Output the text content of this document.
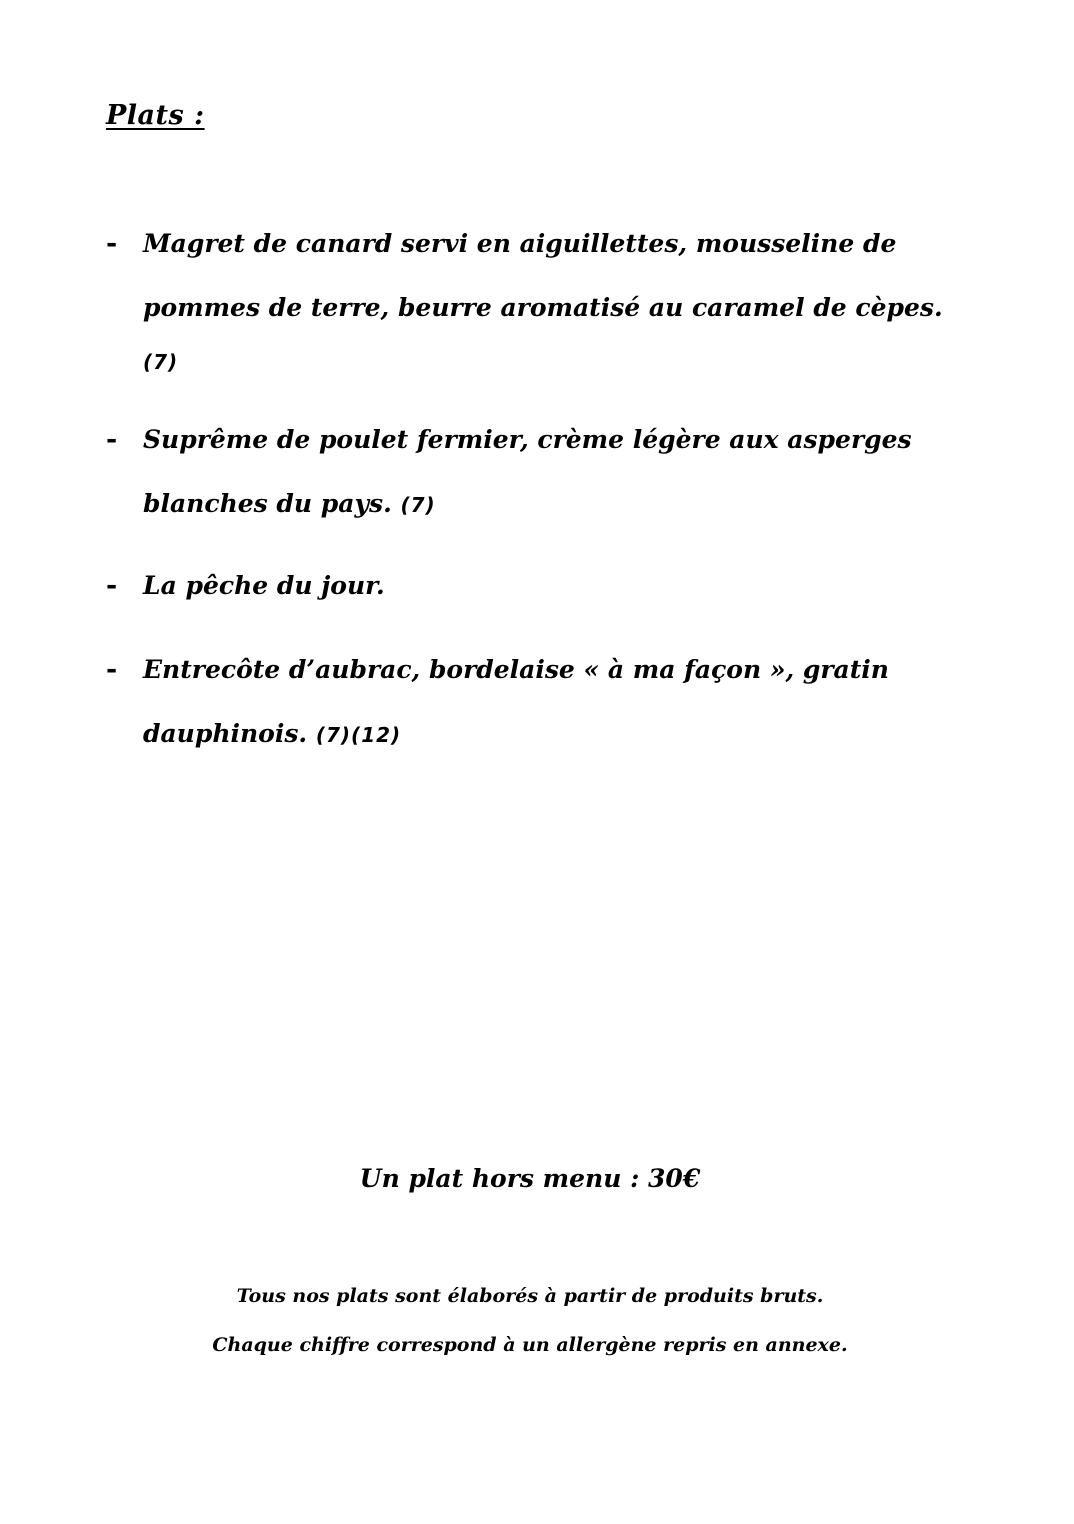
Plats :
- Magret de canard servi en aiguillettes, mousseline de
pommes de terre, beurre aromatisé au caramel de cèpes.

(7)
- Suprême de poulet fermier, crème légère aux asperges
blanches du pays. (7)
- La pêche du jour.
- Entrecôte d’aubrac, bordelaise « à ma façon », gratin
dauphinois. (7)(12)
Un plat hors menu : 30€
Tous nos plats sont élaborés à partir de produits bruts.
Chaque chiffre correspond à un allergène repris en annexe.
